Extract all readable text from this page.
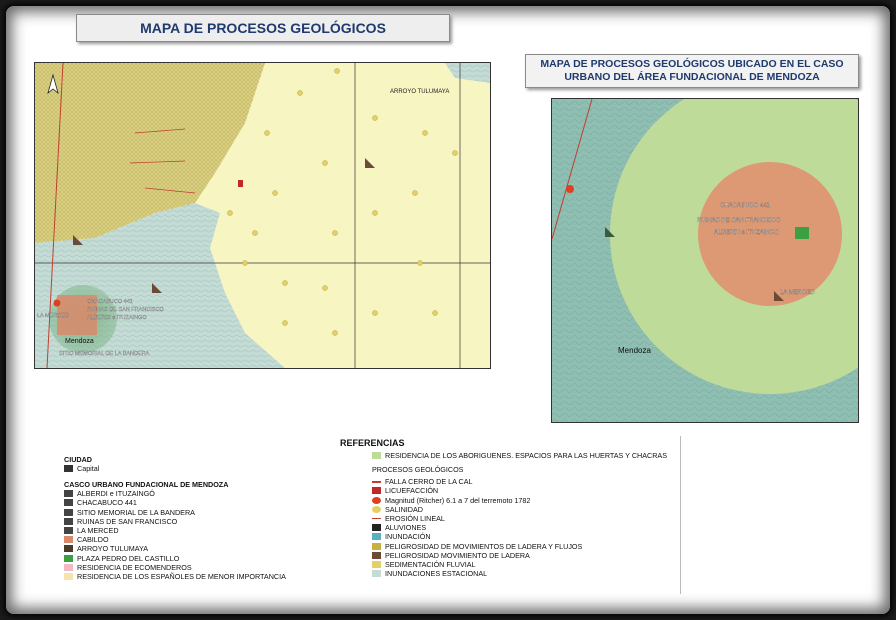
MAPA DE PROCESOS GEOLÓGICOS
MAPA DE PROCESOS GEOLÓGICOS UBICADO EN EL CASO URBANO DEL ÁREA FUNDACIONAL DE MENDOZA
ARROYO TULUMAYA
CHACABUCO 441
RUINAS DE SAN FRANCISCO
ALBERDI e ITUZAINGO
LA MERCED
Mendoza
SITIO MEMORIAL DE LA BANDERA
CHACABUCO 441
RUINAS DE SAN FRANCISCO
ALBERDI e ITUZAINGO
LA MERCED
Mendoza
REFERENCIAS
CIUDAD
Capital
CASCO URBANO FUNDACIONAL DE MENDOZA
ALBERDI e ITUZAINGÓ
CHACABUCO 441
SITIO MEMORIAL DE LA BANDERA
RUINAS DE SAN FRANCISCO
LA MERCED
CABILDO
ARROYO TULUMAYA
PLAZA PEDRO DEL CASTILLO
RESIDENCIA DE ECOMENDEROS
RESIDENCIA DE LOS ESPAÑOLES DE MENOR IMPORTANCIA
RESIDENCIA DE LOS ABORIGUENES. ESPACIOS PARA LAS HUERTAS Y CHACRAS
PROCESOS GEOLÓGICOS
FALLA CERRO DE LA CAL
LICUEFACCIÓN
Magnitud (Ritcher) 6.1 a 7 del terremoto 1782
SALINIDAD
EROSIÓN LINEAL
ALUVIONES
INUNDACIÓN
PELIGROSIDAD DE MOVIMIENTOS DE LADERA Y FLUJOS
PELIGROSIDAD MOVIMIENTO DE LADERA
SEDIMENTACIÓN FLUVIAL
INUNDACIONES ESTACIONAL
